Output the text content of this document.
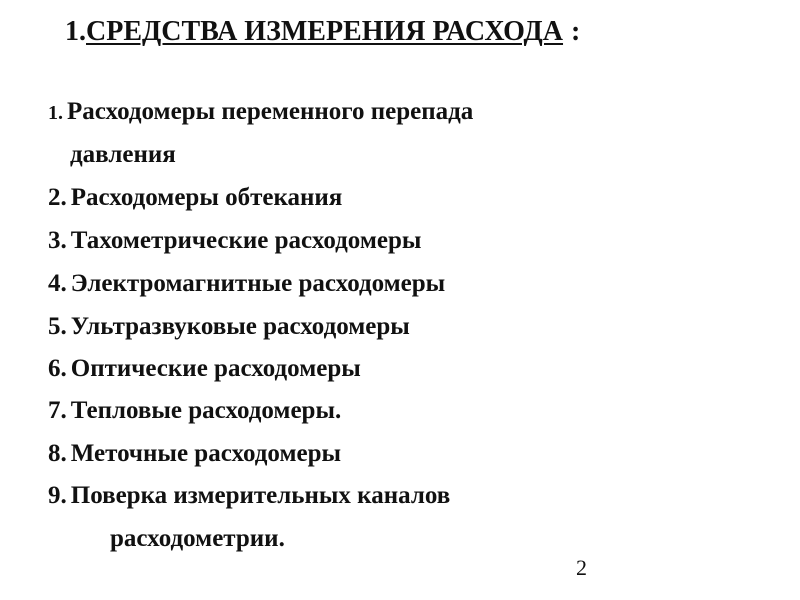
1.СРЕДСТВА ИЗМЕРЕНИЯ РАСХОДА :
1. Расходомеры переменного перепада
давления
2. Расходомеры обтекания
3. Тахометрические расходомеры
4. Электромагнитные расходомеры
5. Ультразвуковые расходомеры
6. Оптические расходомеры
7. Тепловые расходомеры.
8. Меточные расходомеры
9. Поверка измерительных каналов
расходометрии.
2
